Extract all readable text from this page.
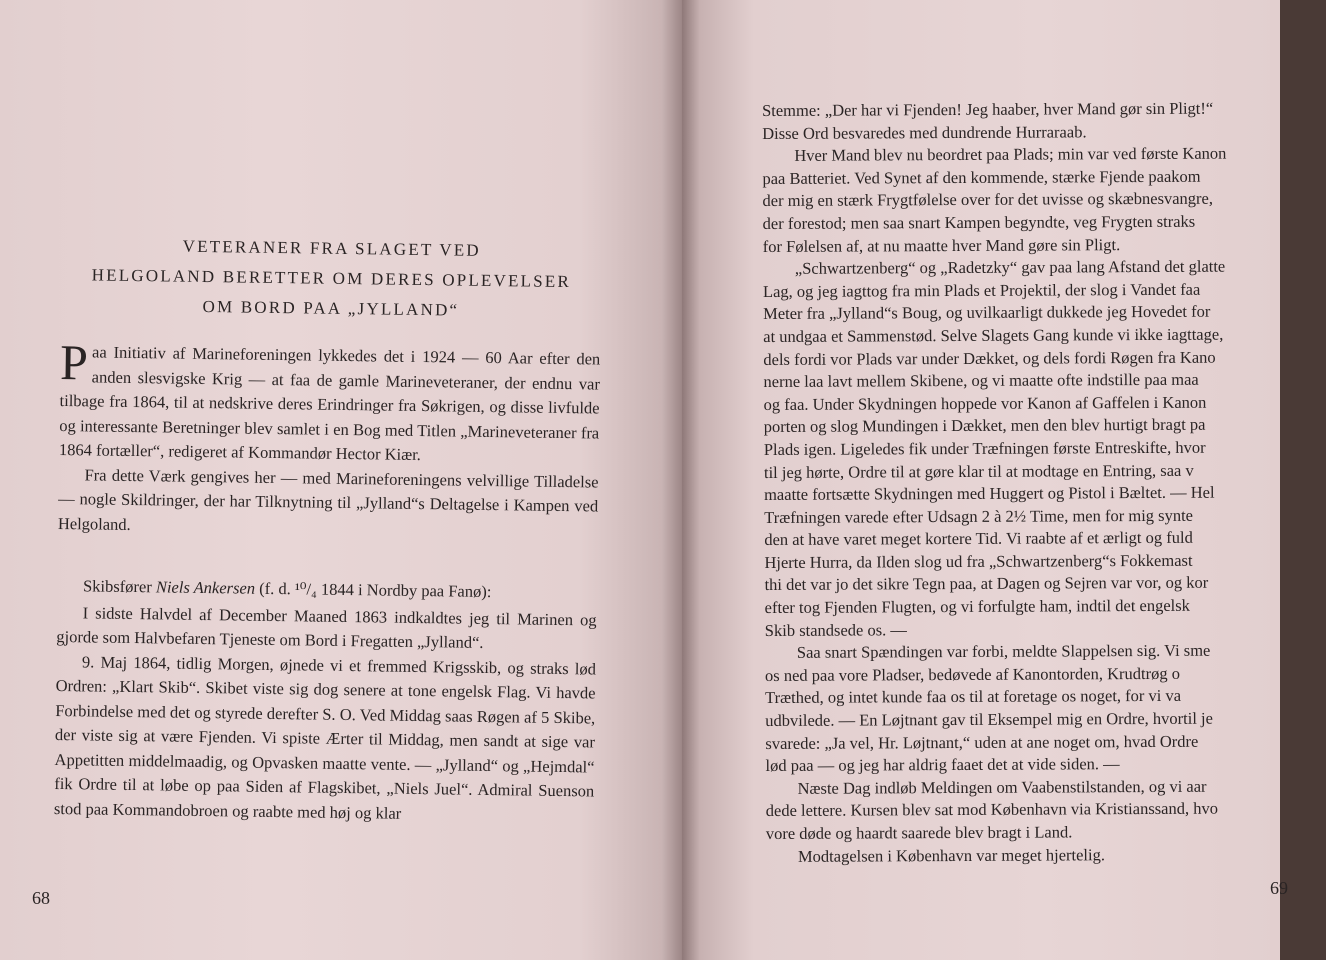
VETERANER FRA SLAGET VED
HELGOLAND BERETTER OM DERES OPLEVELSER
OM BORD PAA „JYLLAND“

Paa Initiativ af Marineforeningen lykkedes det i 1924 — 60 Aar efter den anden slesvigske Krig — at faa de gamle Marineveteraner, der endnu var tilbage fra 1864, til at nedskrive deres Erindringer fra Søkrigen, og disse livfulde og interessante Beretninger blev samlet i en Bog med Titlen „Marineveteraner fra 1864 fortæller“, redigeret af Kommandør Hector Kiær.

Fra dette Værk gengives her — med Marineforeningens velvillige Tilladelse — nogle Skildringer, der har Tilknytning til „Jylland“s Deltagelse i Kampen ved Helgoland.

Skibsfører Niels Ankersen (f. d. ¹⁰/₄ 1844 i Nordby paa Fanø):

I sidste Halvdel af December Maaned 1863 indkaldtes jeg til Marinen og gjorde som Halvbefaren Tjeneste om Bord i Fregatten „Jylland“.

9. Maj 1864, tidlig Morgen, øjnede vi et fremmed Krigsskib, og straks lød Ordren: „Klart Skib“. Skibet viste sig dog senere at tone engelsk Flag. Vi havde Forbindelse med det og styrede derefter S. O. Ved Middag saas Røgen af 5 Skibe, der viste sig at være Fjenden. Vi spiste Ærter til Middag, men sandt at sige var Appetitten middelmaadig, og Opvasken maatte vente. — „Jylland“ og „Hejmdal“ fik Ordre til at løbe op paa Siden af Flagskibet, „Niels Juel“. Admiral Suenson stod paa Kommandobroen og raabte med høj og klar

68
Stemme: „Der har vi Fjenden! Jeg haaber, hver Mand gør sin Pligt!“
Disse Ord besvaredes med dundrende Hurraraab.
Hver Mand blev nu beordret paa Plads; min var ved første Kanon
paa Batteriet. Ved Synet af den kommende, stærke Fjende paakom
der mig en stærk Frygtfølelse over for det uvisse og skæbnesvangre,
der forestod; men saa snart Kampen begyndte, veg Frygten straks
for Følelsen af, at nu maatte hver Mand gøre sin Pligt.
„Schwartzenberg“ og „Radetzky“ gav paa lang Afstand det glatte
Lag, og jeg iagttog fra min Plads et Projektil, der slog i Vandet faa
Meter fra „Jylland“s Boug, og uvilkaarligt dukkede jeg Hovedet for
at undgaa et Sammenstød. Selve Slagets Gang kunde vi ikke iagttage,
dels fordi vor Plads var under Dækket, og dels fordi Røgen fra Kano
nerne laa lavt mellem Skibene, og vi maatte ofte indstille paa maa
og faa. Under Skydningen hoppede vor Kanon af Gaffelen i Kanon
porten og slog Mundingen i Dækket, men den blev hurtigt bragt pa
Plads igen. Ligeledes fik under Træfningen første Entreskifte, hvor
til jeg hørte, Ordre til at gøre klar til at modtage en Entring, saa v
maatte fortsætte Skydningen med Huggert og Pistol i Bæltet. — Hel
Træfningen varede efter Udsagn 2 à 2½ Time, men for mig synte
den at have varet meget kortere Tid. Vi raabte af et ærligt og fuld
Hjerte Hurra, da Ilden slog ud fra „Schwartzenberg“s Fokkemast
thi det var jo det sikre Tegn paa, at Dagen og Sejren var vor, og kor
efter tog Fjenden Flugten, og vi forfulgte ham, indtil det engelsk
Skib standsede os. —
Saa snart Spændingen var forbi, meldte Slappelsen sig. Vi sme
os ned paa vore Pladser, bedøvede af Kanontorden, Krudtrøg o
Træthed, og intet kunde faa os til at foretage os noget, for vi va
udbvilede. — En Løjtnant gav til Eksempel mig en Ordre, hvortil je
svarede: „Ja vel, Hr. Løjtnant,“ uden at ane noget om, hvad Ordre
lød paa — og jeg har aldrig faaet det at vide siden. —
Næste Dag indløb Meldingen om Vaabenstilstanden, og vi aar
dede lettere. Kursen blev sat mod København via Kristianssand, hvo
vore døde og haardt saarede blev bragt i Land.
Modtagelsen i København var meget hjertelig.
69
